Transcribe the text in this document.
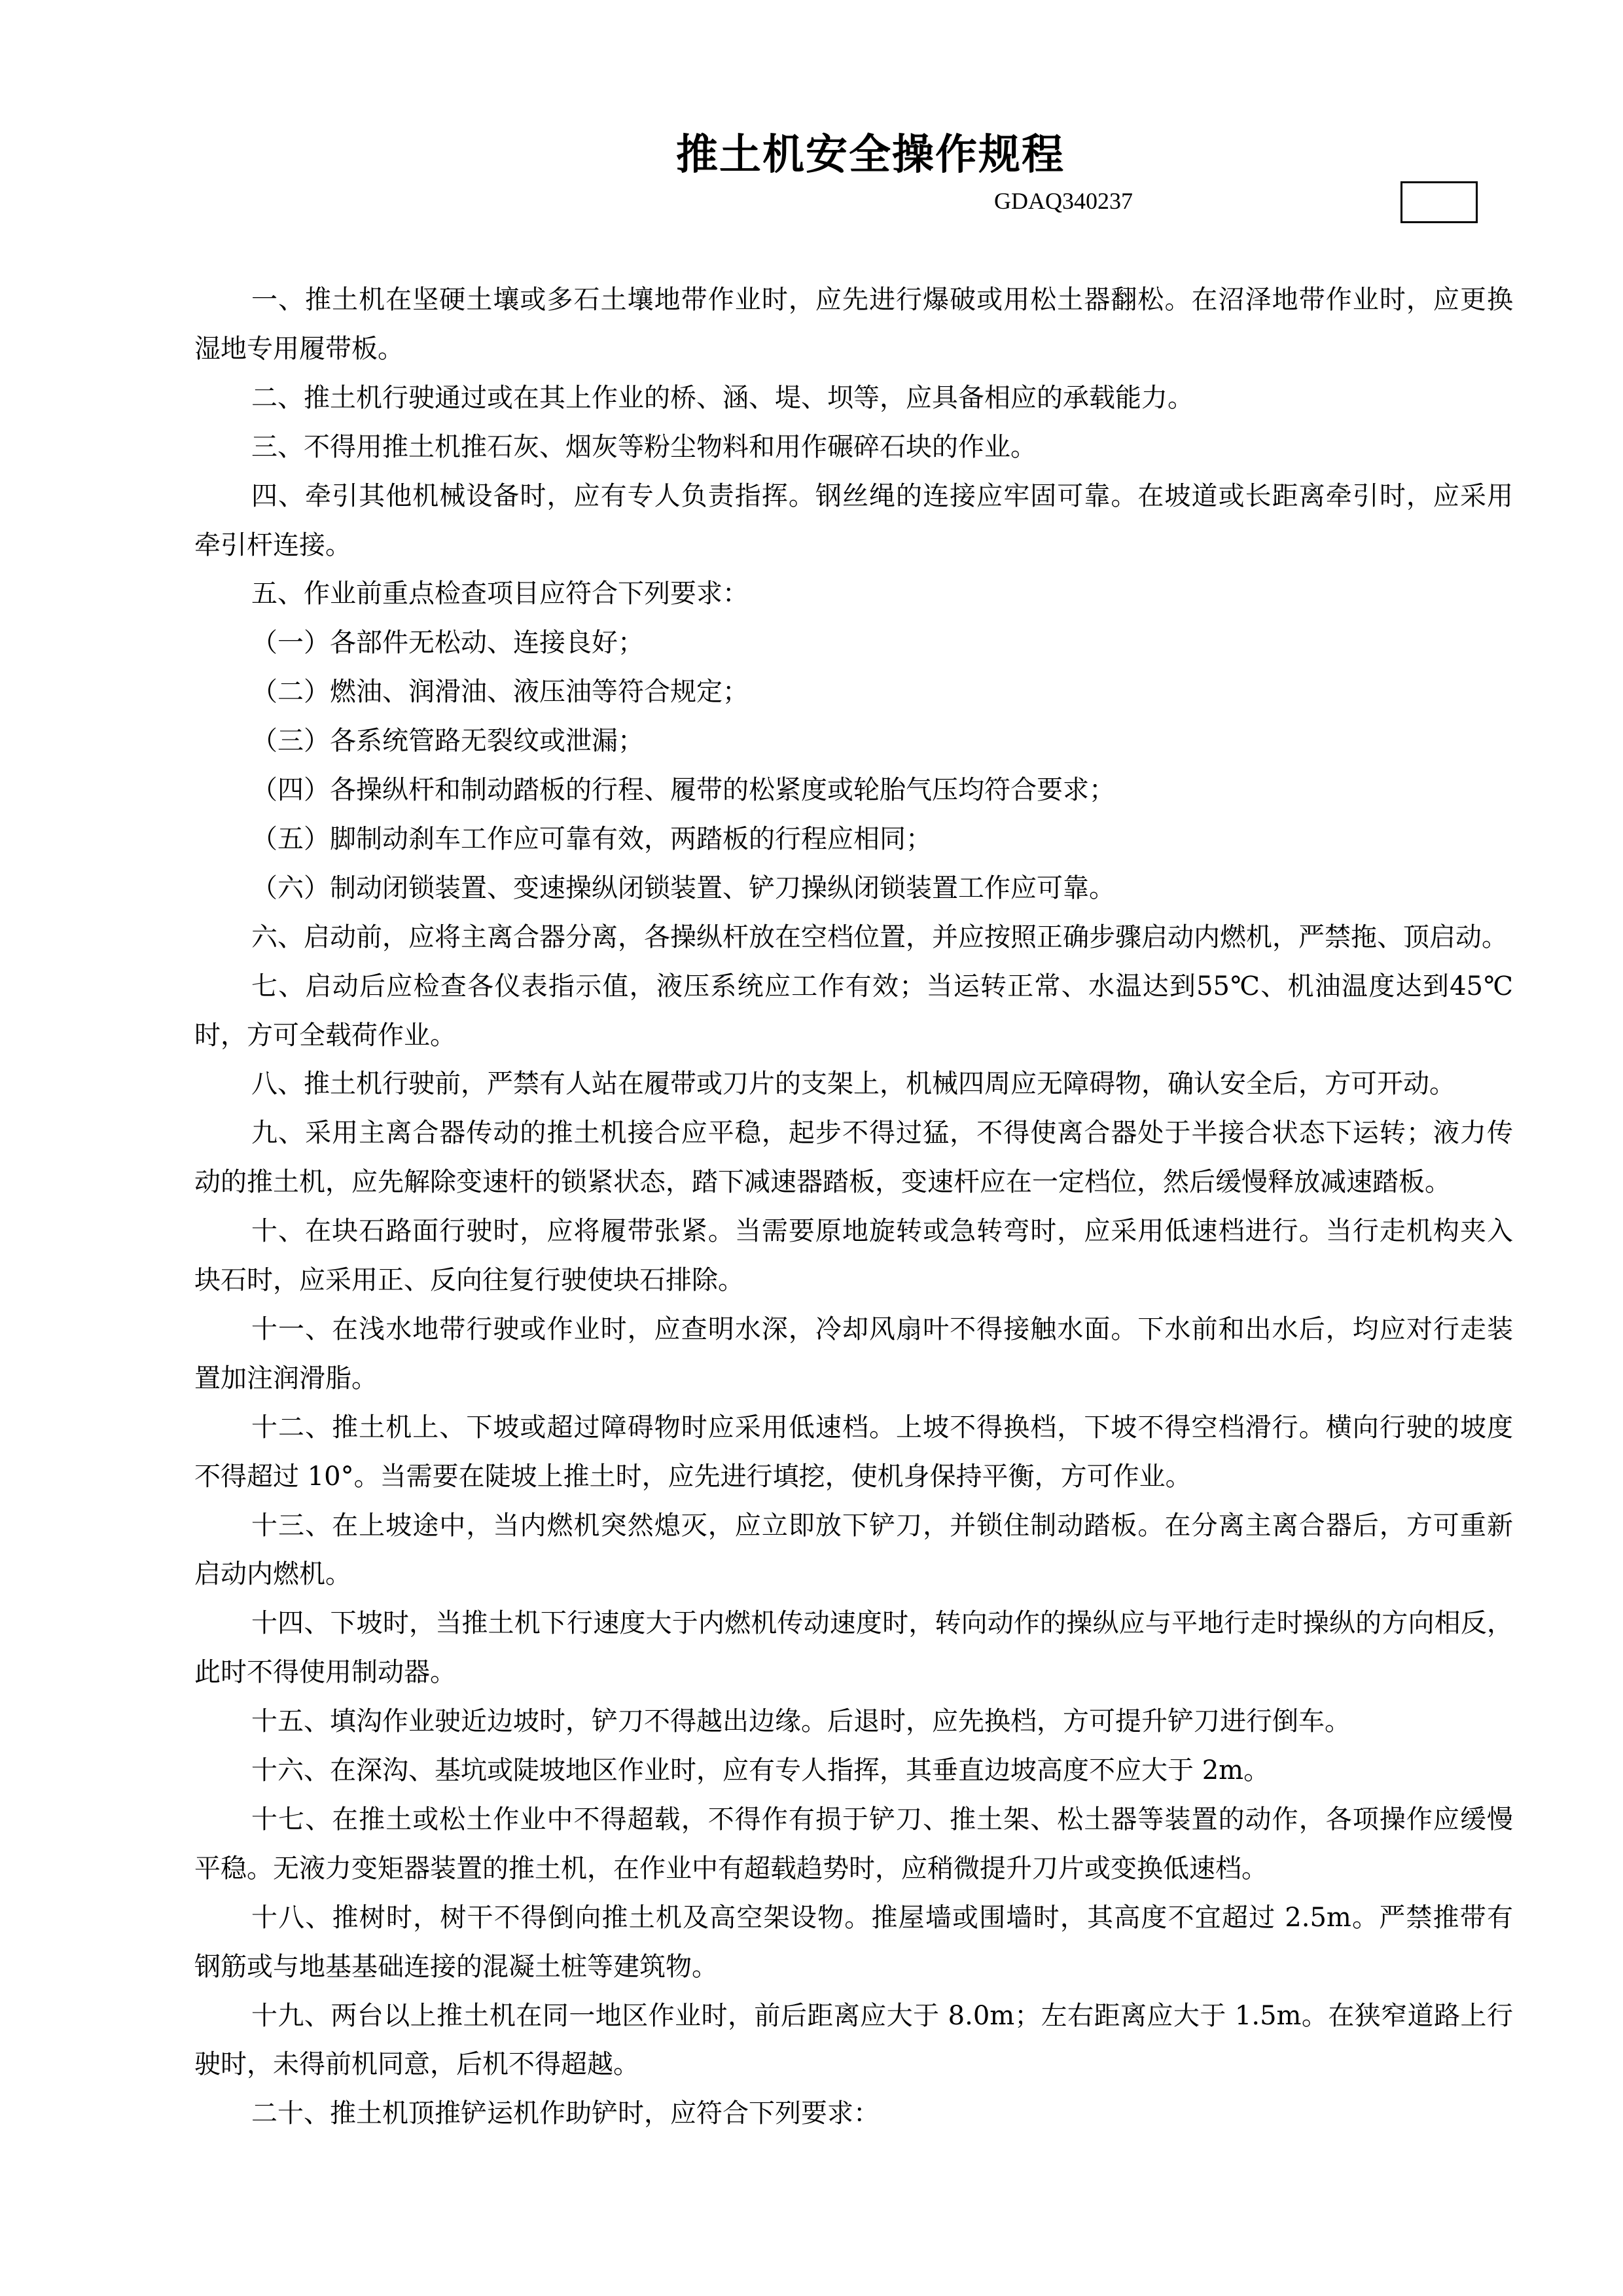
推土机安全操作规程
GDAQ340237
一、推土机在坚硬土壤或多石土壤地带作业时，应先进行爆破或用松土器翻松。在沼泽地带作业时，应更换
湿地专用履带板。
二、推土机行驶通过或在其上作业的桥、涵、堤、坝等，应具备相应的承载能力。
三、不得用推土机推石灰、烟灰等粉尘物料和用作碾碎石块的作业。
四、牵引其他机械设备时，应有专人负责指挥。钢丝绳的连接应牢固可靠。在坡道或长距离牵引时，应采用
牵引杆连接。
五、作业前重点检查项目应符合下列要求：
（一）各部件无松动、连接良好；
（二）燃油、润滑油、液压油等符合规定；
（三）各系统管路无裂纹或泄漏；
（四）各操纵杆和制动踏板的行程、履带的松紧度或轮胎气压均符合要求；
（五）脚制动刹车工作应可靠有效，两踏板的行程应相同；
（六）制动闭锁装置、变速操纵闭锁装置、铲刀操纵闭锁装置工作应可靠。
六、启动前，应将主离合器分离，各操纵杆放在空档位置，并应按照正确步骤启动内燃机，严禁拖、顶启动。
七、启动后应检查各仪表指示值，液压系统应工作有效；当运转正常、水温达到55℃、机油温度达到45℃
时，方可全载荷作业。
八、推土机行驶前，严禁有人站在履带或刀片的支架上，机械四周应无障碍物，确认安全后，方可开动。
九、采用主离合器传动的推土机接合应平稳，起步不得过猛，不得使离合器处于半接合状态下运转；液力传
动的推土机，应先解除变速杆的锁紧状态，踏下减速器踏板，变速杆应在一定档位，然后缓慢释放减速踏板。
十、在块石路面行驶时，应将履带张紧。当需要原地旋转或急转弯时，应采用低速档进行。当行走机构夹入
块石时，应采用正、反向往复行驶使块石排除。
十一、在浅水地带行驶或作业时，应查明水深，冷却风扇叶不得接触水面。下水前和出水后，均应对行走装
置加注润滑脂。
十二、推土机上、下坡或超过障碍物时应采用低速档。上坡不得换档，下坡不得空档滑行。横向行驶的坡度
不得超过 10°。当需要在陡坡上推土时，应先进行填挖，使机身保持平衡，方可作业。
十三、在上坡途中，当内燃机突然熄灭，应立即放下铲刀，并锁住制动踏板。在分离主离合器后，方可重新
启动内燃机。
十四、下坡时，当推土机下行速度大于内燃机传动速度时，转向动作的操纵应与平地行走时操纵的方向相反，
此时不得使用制动器。
十五、填沟作业驶近边坡时，铲刀不得越出边缘。后退时，应先换档，方可提升铲刀进行倒车。
十六、在深沟、基坑或陡坡地区作业时，应有专人指挥，其垂直边坡高度不应大于 2m。
十七、在推土或松土作业中不得超载，不得作有损于铲刀、推土架、松土器等装置的动作，各项操作应缓慢
平稳。无液力变矩器装置的推土机，在作业中有超载趋势时，应稍微提升刀片或变换低速档。
十八、推树时，树干不得倒向推土机及高空架设物。推屋墙或围墙时，其高度不宜超过 2.5m。严禁推带有
钢筋或与地基基础连接的混凝土桩等建筑物。
十九、两台以上推土机在同一地区作业时，前后距离应大于 8.0m；左右距离应大于 1.5m。在狭窄道路上行
驶时，未得前机同意，后机不得超越。
二十、推土机顶推铲运机作助铲时，应符合下列要求：
